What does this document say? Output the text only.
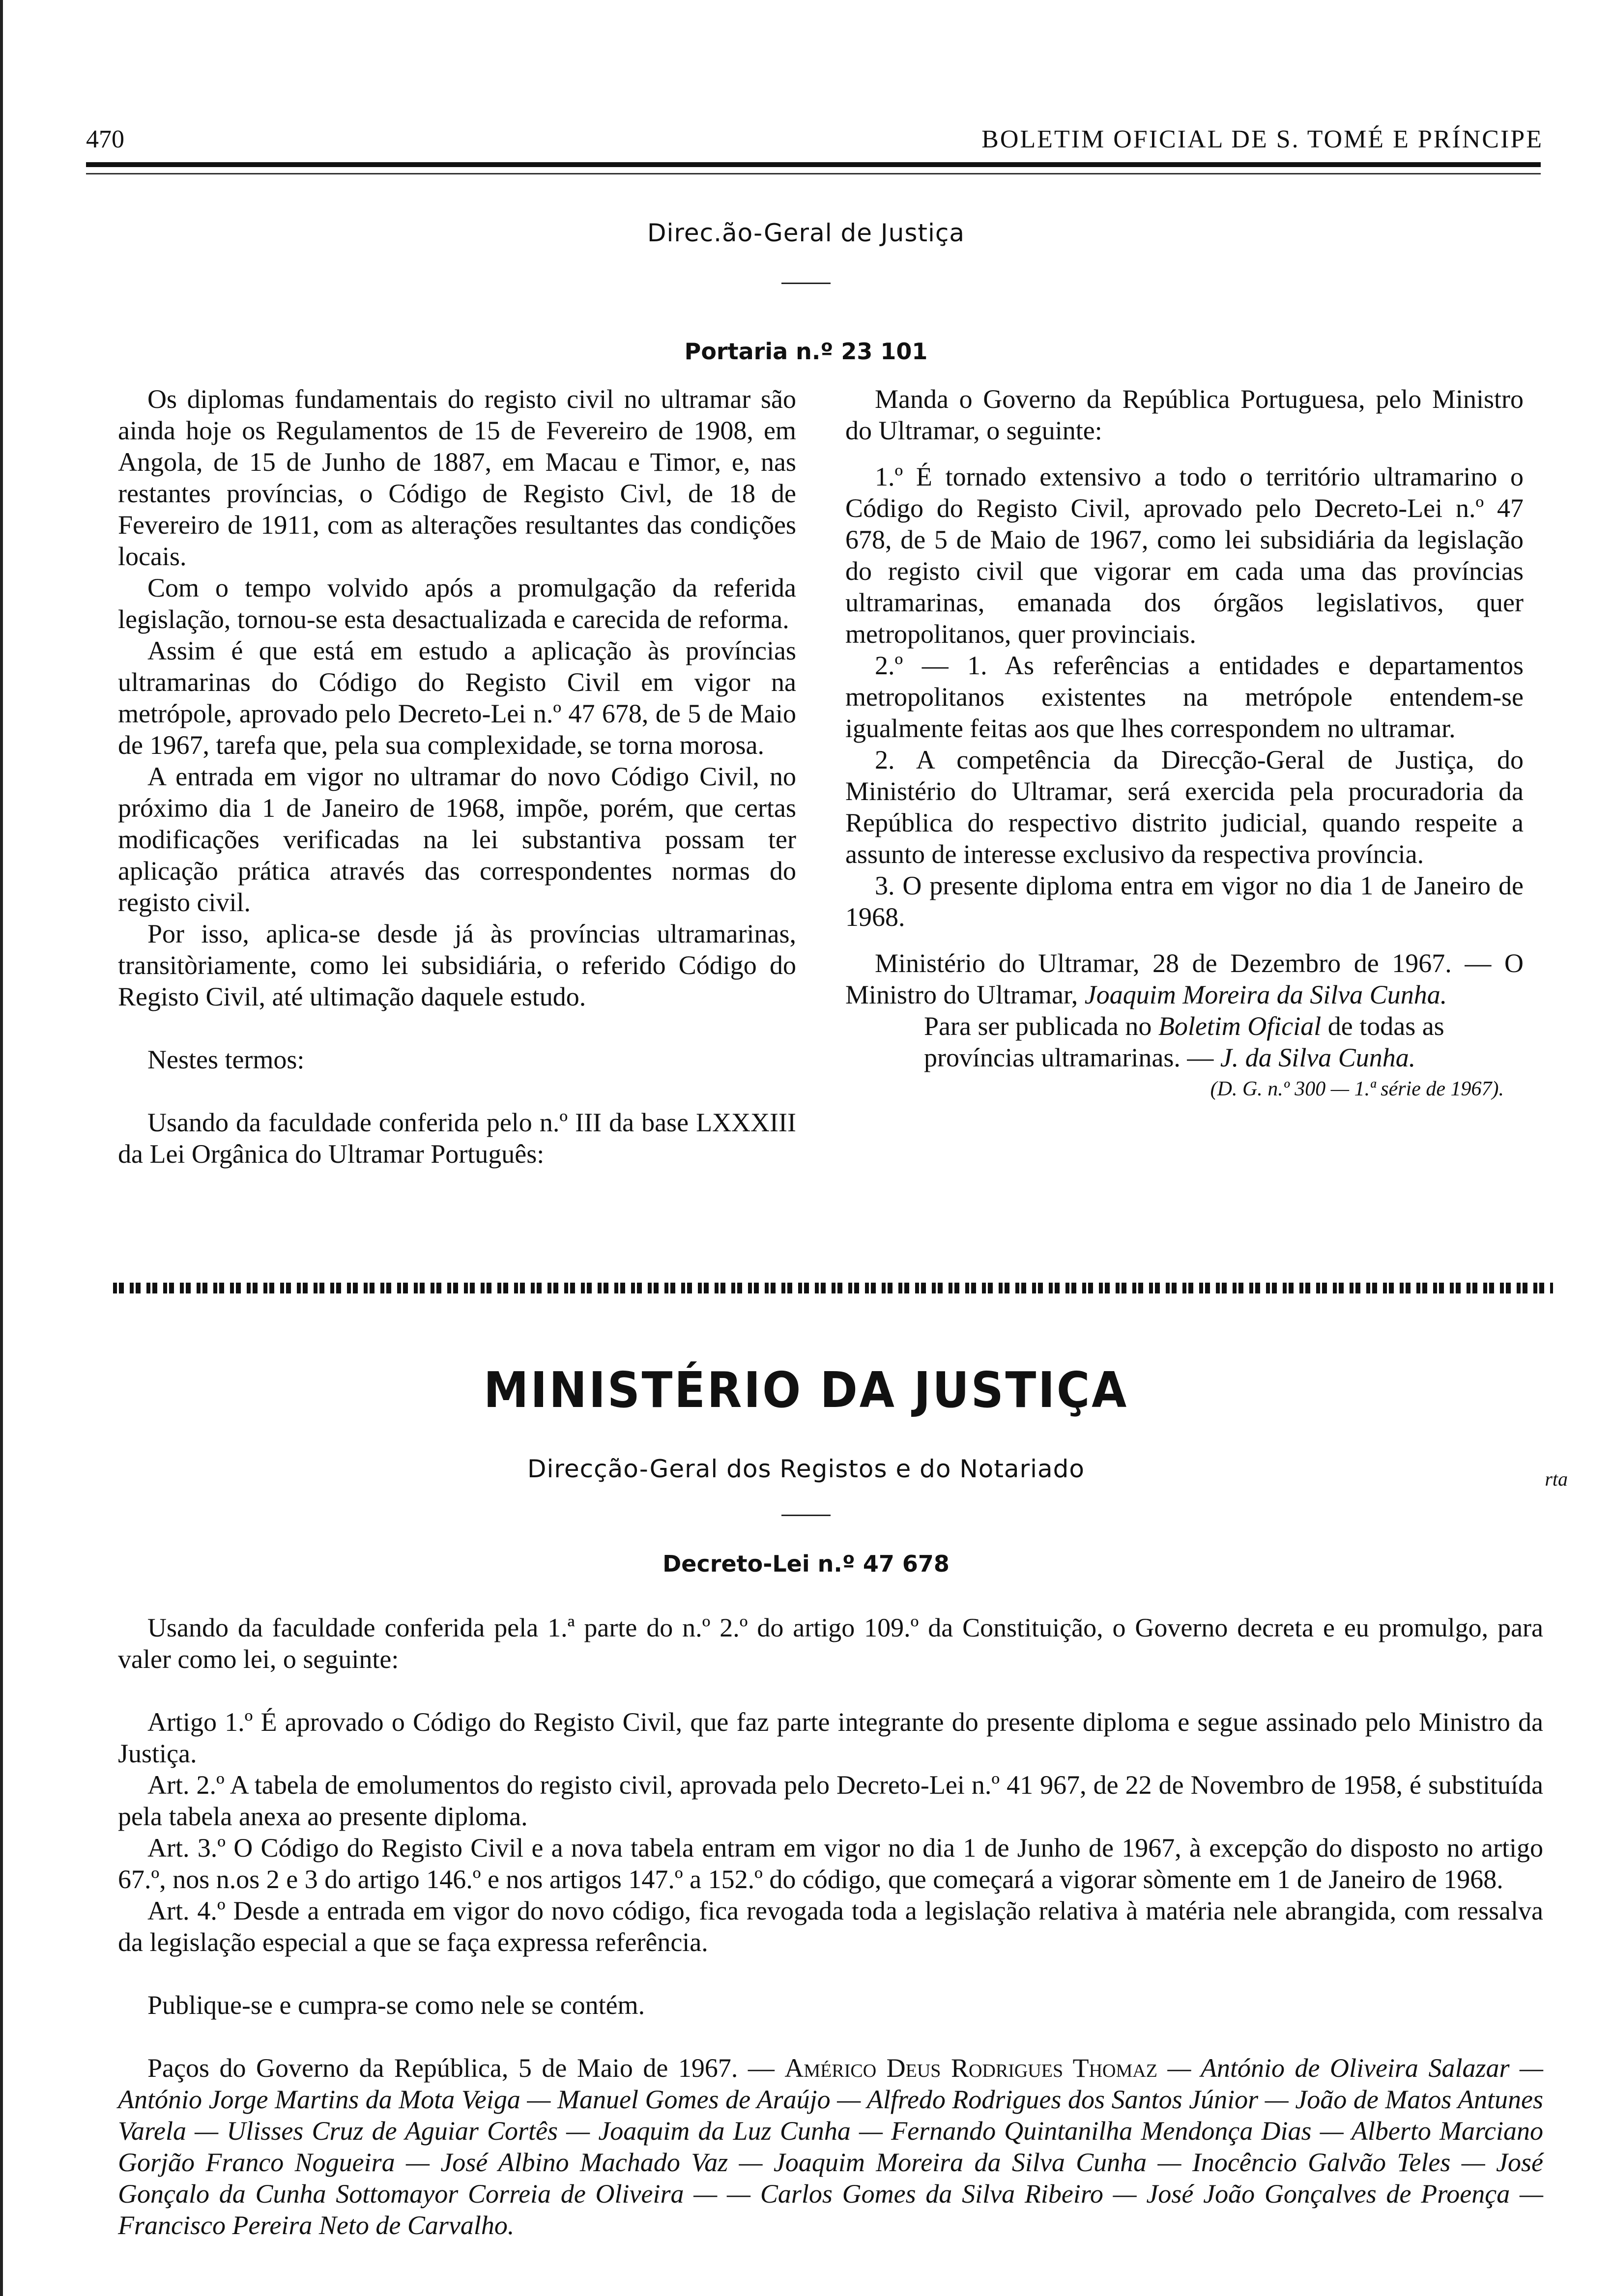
470	BOLETIM OFICIAL DE S. TOMÉ E PRÍNCIPE
Direc.ão-Geral de Justiça
Portaria n.º 23 101

Os diplomas fundamentais do registo civil no ultramar são ainda hoje os Regulamentos de 15 de Fevereiro de 1908, em Angola, de 15 de Junho de 1887, em Macau e Timor, e, nas restantes províncias, o Código de Registo Civl, de 18 de Fevereiro de 1911, com as alterações resultantes das condições locais.

Com o tempo volvido após a promulgação da referida legislação, tornou-se esta desactualizada e carecida de reforma.

Assim é que está em estudo a aplicação às províncias ultramarinas do Código do Registo Civil em vigor na metrópole, aprovado pelo Decreto-Lei n.º 47 678, de 5 de Maio de 1967, tarefa que, pela sua complexidade, se torna morosa.

A entrada em vigor no ultramar do novo Código Civil, no próximo dia 1 de Janeiro de 1968, impõe, porém, que certas modificações verificadas na lei substantiva possam ter aplicação prática através das correspondentes normas do registo civil.

Por isso, aplica-se desde já às províncias ultramarinas, transitòriamente, como lei subsidiária, o referido Código do Registo Civil, até ultimação daquele estudo.

Nestes termos:

Usando da faculdade conferida pelo n.º III da base LXXXIII da Lei Orgânica do Ultramar Português:

Manda o Governo da República Portuguesa, pelo Ministro do Ultramar, o seguinte:

1.º É tornado extensivo a todo o território ultramarino o Código do Registo Civil, aprovado pelo Decreto-Lei n.º 47 678, de 5 de Maio de 1967, como lei subsidiária da legislação do registo civil que vigorar em cada uma das províncias ultramarinas, emanada dos órgãos legislativos, quer metropolitanos, quer provinciais.

2.º — 1. As referências a entidades e departamentos metropolitanos existentes na metrópole entendem-se igualmente feitas aos que lhes correspondem no ultramar.

2. A competência da Direcção-Geral de Justiça, do Ministério do Ultramar, será exercida pela procuradoria da República do respectivo distrito judicial, quando respeite a assunto de interesse exclusivo da respectiva província.

3. O presente diploma entra em vigor no dia 1 de Janeiro de 1968.

Ministério do Ultramar, 28 de Dezembro de 1967. — O Ministro do Ultramar, Joaquim Moreira da Silva Cunha.

Para ser publicada no Boletim Oficial de todas as províncias ultramarinas. — J. da Silva Cunha.

(D. G. n.º 300 — 1.ª série de 1967).

MINISTÉRIO DA JUSTIÇA
Direcção-Geral dos Registos e do Notariado	rta
Decreto-Lei n.º 47 678

Usando da faculdade conferida pela 1.ª parte do n.º 2.º do artigo 109.º da Constituição, o Governo decreta e eu promulgo, para valer como lei, o seguinte:

Artigo 1.º É aprovado o Código do Registo Civil, que faz parte integrante do presente diploma e segue assinado pelo Ministro da Justiça.

Art. 2.º A tabela de emolumentos do registo civil, aprovada pelo Decreto-Lei n.º 41 967, de 22 de Novembro de 1958, é substituída pela tabela anexa ao presente diploma.

Art. 3.º O Código do Registo Civil e a nova tabela entram em vigor no dia 1 de Junho de 1967, à excepção do disposto no artigo 67.º, nos n.os 2 e 3 do artigo 146.º e nos artigos 147.º a 152.º do código, que começará a vigorar sòmente em 1 de Janeiro de 1968.

Art. 4.º Desde a entrada em vigor do novo código, fica revogada toda a legislação relativa à matéria nele abrangida, com ressalva da legislação especial a que se faça expressa referência.

Publique-se e cumpra-se como nele se contém.

Paços do Governo da República, 5 de Maio de 1967. — Américo Deus Rodrigues Thomaz — António de Oliveira Salazar — António Jorge Martins da Mota Veiga — Manuel Gomes de Araújo — Alfredo Rodrigues dos Santos Júnior — João de Matos Antunes Varela — Ulisses Cruz de Aguiar Cortês — Joaquim da Luz Cunha — Fernando Quintanilha Mendonça Dias — Alberto Marciano Gorjão Franco Nogueira — José Albino Machado Vaz — Joaquim Moreira da Silva Cunha — Inocêncio Galvão Teles — José Gonçalo da Cunha Sottomayor Correia de Oliveira — — Carlos Gomes da Silva Ribeiro — José João Gonçalves de Proença — Francisco Pereira Neto de Carvalho.
